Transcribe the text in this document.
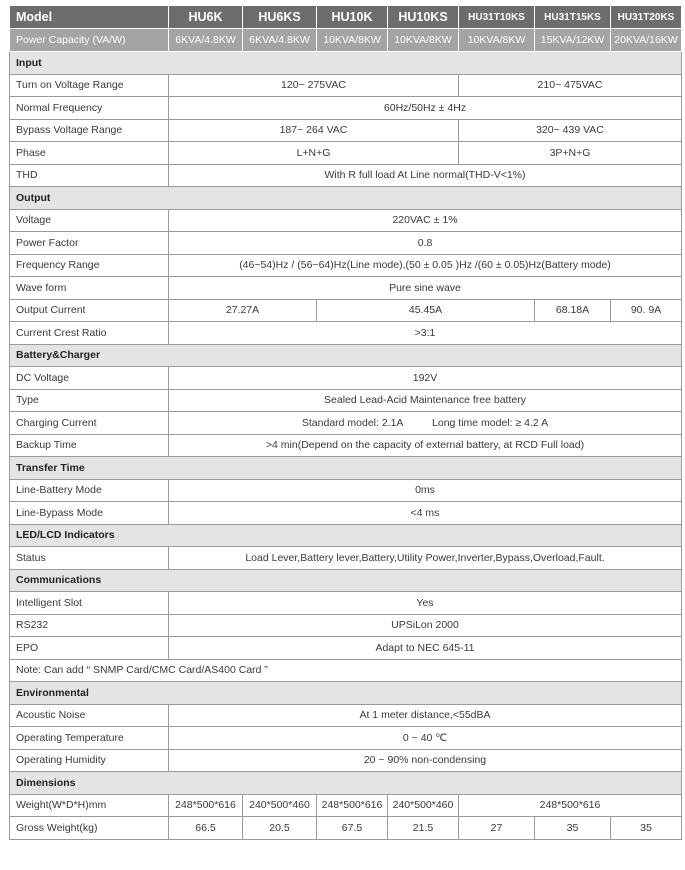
Model	HU6K	HU6KS	HU10K	HU10KS	HU31T10KS	HU31T15KS	HU31T20KS
Power Capacity (VA/W)	6KVA/4.8KW	6KVA/4.8KW	10KVA/8KW	10KVA/8KW	10KVA/8KW	15KVA/12KW	20KVA/16KW
Input							
Turn on Voltage Range	120~ 275VAC				210~ 475VAC		
Normal Frequency	60Hz/50Hz ± 4Hz						
Bypass Voltage Range	187~ 264 VAC				320~ 439 VAC		
Phase	L+N+G				3P+N+G		
THD	With R full load At Line normal(THD-V<1%)						
Output							
Voltage	220VAC ± 1%						
Power Factor	0.8						
Frequency Range	(46~54)Hz / (56~64)Hz(Line mode),(50 ± 0.05 )Hz /(60 ± 0.05)Hz(Battery mode)						
Wave form	Pure sine wave						
Output Current	27.27A		45.45A			68.18A	90. 9A
Current Crest Ratio	>3:1						
Battery&Charger							
DC Voltage	192V						
Type	Sealed Lead-Acid Maintenance free battery						
Charging Current	Standard model: 2.1A          Long time model: ≥ 4.2 A						
Backup Time	>4 min(Depend on the capacity of external battery, at RCD Full load)						
Transfer Time							
Line-Battery Mode	0ms						
Line-Bypass Mode	<4 ms						
LED/LCD Indicators							
Status	Load Lever,Battery lever,Battery,Utility Power,Inverter,Bypass,Overload,Fault.						
Communications							
Intelligent Slot	Yes						
RS232	UPSiLon 2000						
EPO	Adapt to NEC 645-11						
Note: Can add “ SNMP Card/CMC Card/AS400 Card ”							
Environmental							
Acoustic Noise	At 1 meter distance,<55dBA						
Operating Temperature	0 ~ 40 ℃						
Operating Humidity	20 ~ 90% non-condensing						
Dimensions							
Weight(W*D*H)mm	248*500*616	240*500*460	248*500*616	240*500*460	248*500*616		
Gross Weight(kg)	66.5	20.5	67.5	21.5	27	35	35
